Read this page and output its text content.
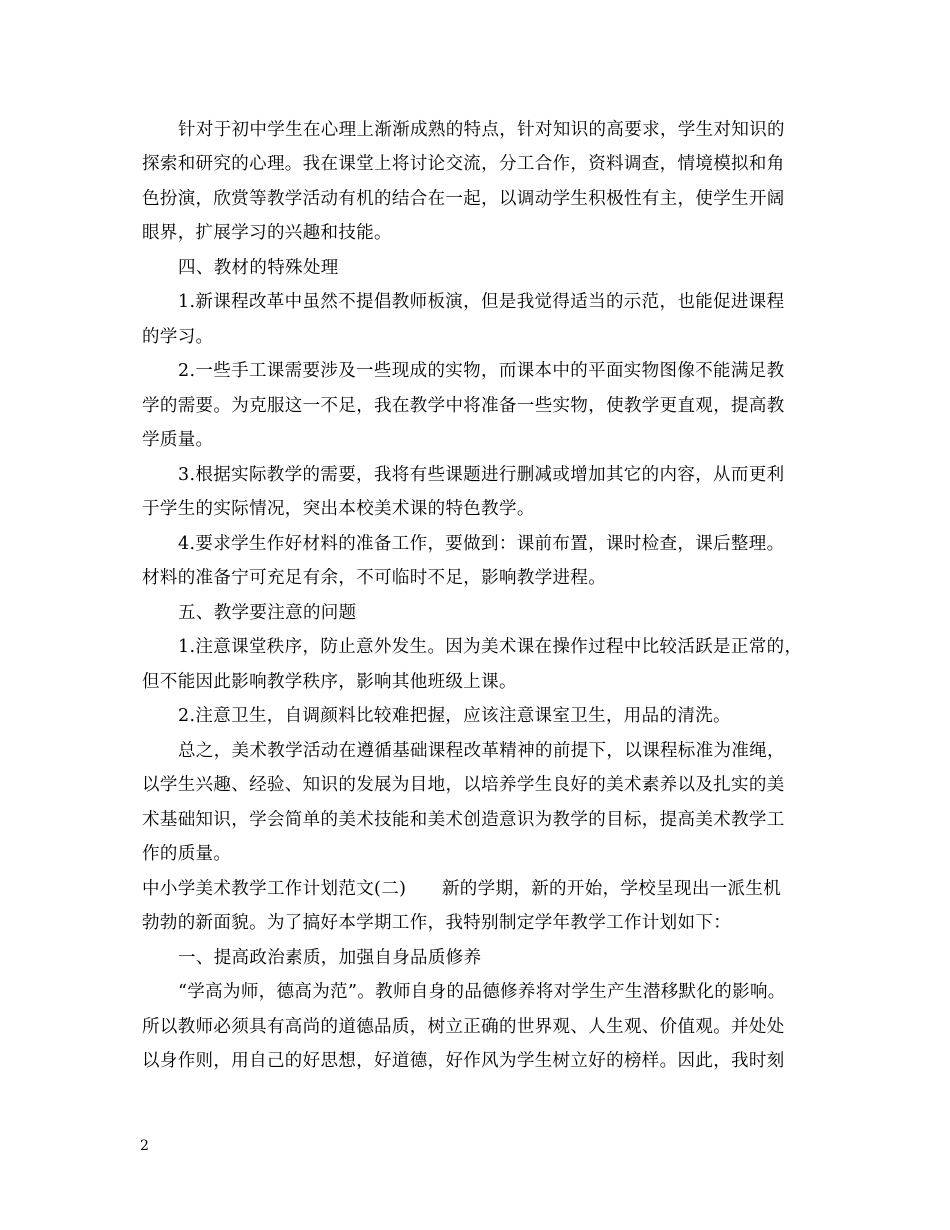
针对于初中学生在心理上渐渐成熟的特点，针对知识的高要求，学生对知识的
探索和研究的心理。我在课堂上将讨论交流，分工合作，资料调查，情境模拟和角
色扮演，欣赏等教学活动有机的结合在一起，以调动学生积极性有主，使学生开阔
眼界，扩展学习的兴趣和技能。
四、教材的特殊处理
1.新课程改革中虽然不提倡教师板演，但是我觉得适当的示范，也能促进课程
的学习。
2.一些手工课需要涉及一些现成的实物，而课本中的平面实物图像不能满足教
学的需要。为克服这一不足，我在教学中将准备一些实物，使教学更直观，提高教
学质量。
3.根据实际教学的需要，我将有些课题进行删减或增加其它的内容，从而更利
于学生的实际情况，突出本校美术课的特色教学。
4.要求学生作好材料的准备工作，要做到：课前布置，课时检查，课后整理。
材料的准备宁可充足有余，不可临时不足，影响教学进程。
五、教学要注意的问题
1.注意课堂秩序，防止意外发生。因为美术课在操作过程中比较活跃是正常的，
但不能因此影响教学秩序，影响其他班级上课。
2.注意卫生，自调颜料比较难把握，应该注意课室卫生，用品的清洗。
总之，美术教学活动在遵循基础课程改革精神的前提下，以课程标准为准绳，
以学生兴趣、经验、知识的发展为目地，以培养学生良好的美术素养以及扎实的美
术基础知识，学会简单的美术技能和美术创造意识为教学的目标，提高美术教学工
作的质量。
中小学美术教学工作计划范文(二)　　新的学期，新的开始，学校呈现出一派生机
勃勃的新面貌。为了搞好本学期工作，我特别制定学年教学工作计划如下：
一、提高政治素质，加强自身品质修养
“学高为师，德高为范”。教师自身的品德修养将对学生产生潜移默化的影响。
所以教师必须具有高尚的道德品质，树立正确的世界观、人生观、价值观。并处处
以身作则，用自己的好思想，好道德，好作风为学生树立好的榜样。因此，我时刻
2
